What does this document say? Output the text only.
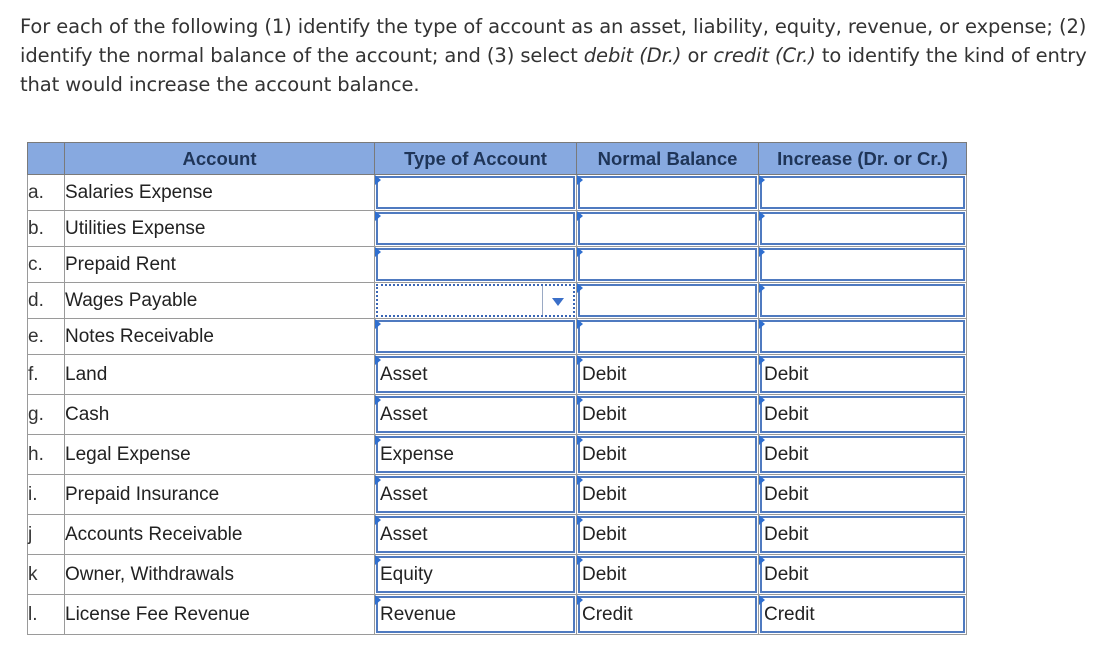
For each of the following (1) identify the type of account as an asset, liability, equity, revenue, or expense; (2) identify the normal balance of the account; and (3) select debit (Dr.) or credit (Cr.) to identify the kind of entry that would increase the account balance.

	Account	Type of Account	Normal Balance	Increase (Dr. or Cr.)
a.	Salaries Expense	

b.	Utilities Expense	

c.	Prepaid Rent	

d.	Wages Payable	

e.	Notes Receivable	

f.	Land	Asset	Debit	Debit

g.	Cash	Asset	Debit	Debit

h.	Legal Expense	Expense	Debit	Debit

i.	Prepaid Insurance	Asset	Debit	Debit

j	Accounts Receivable	Asset	Debit	Debit

k	Owner, Withdrawals	Equity	Debit	Debit

l.	License Fee Revenue	Revenue	Credit	Credit
